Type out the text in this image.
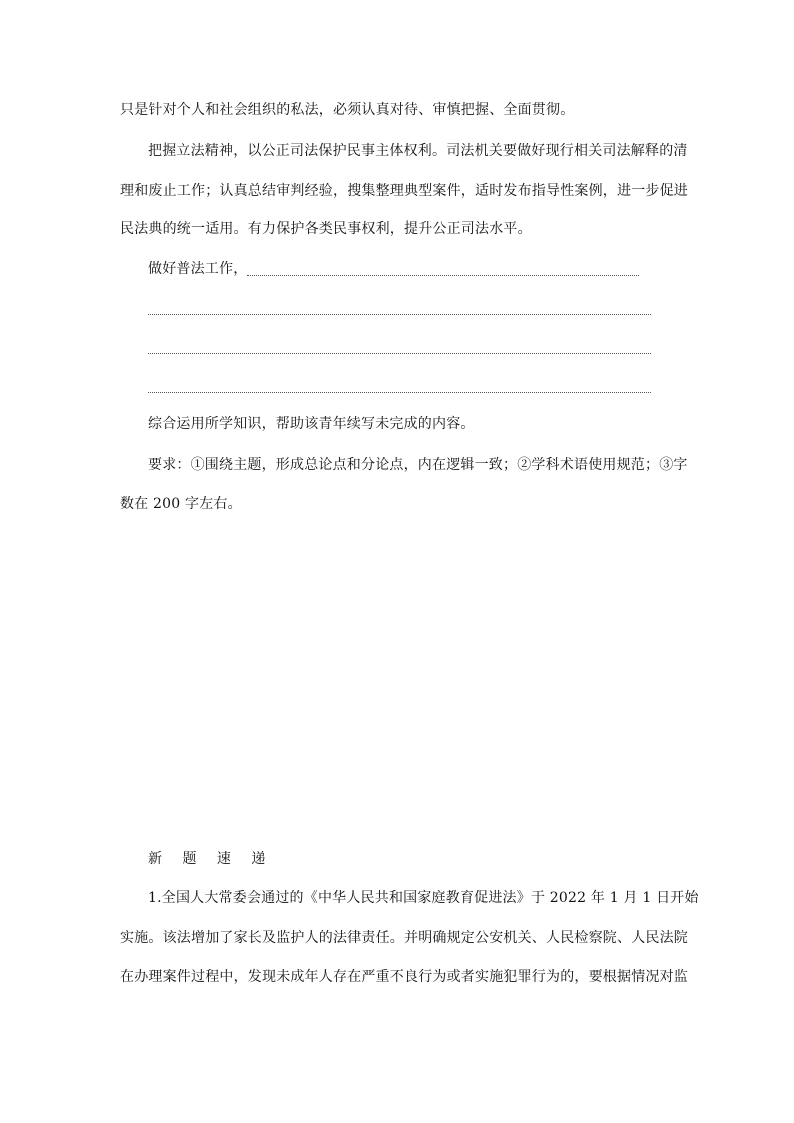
只是针对个人和社会组织的私法，必须认真对待、审慎把握、全面贯彻。
把握立法精神，以公正司法保护民事主体权利。司法机关要做好现行相关司法解释的清
理和废止工作；认真总结审判经验，搜集整理典型案件，适时发布指导性案例，进一步促进
民法典的统一适用。有力保护各类民事权利，提升公正司法水平。
做好普法工作，
综合运用所学知识，帮助该青年续写未完成的内容。
要求：①围绕主题，形成总论点和分论点，内在逻辑一致；②学科术语使用规范；③字
数在 200 字左右。
新 题 速 递
1.全国人大常委会通过的《中华人民共和国家庭教育促进法》于 2022 年 1 月 1 日开始
实施。该法增加了家长及监护人的法律责任。并明确规定公安机关、人民检察院、人民法院
在办理案件过程中，发现未成年人存在严重不良行为或者实施犯罪行为的，要根据情况对监
